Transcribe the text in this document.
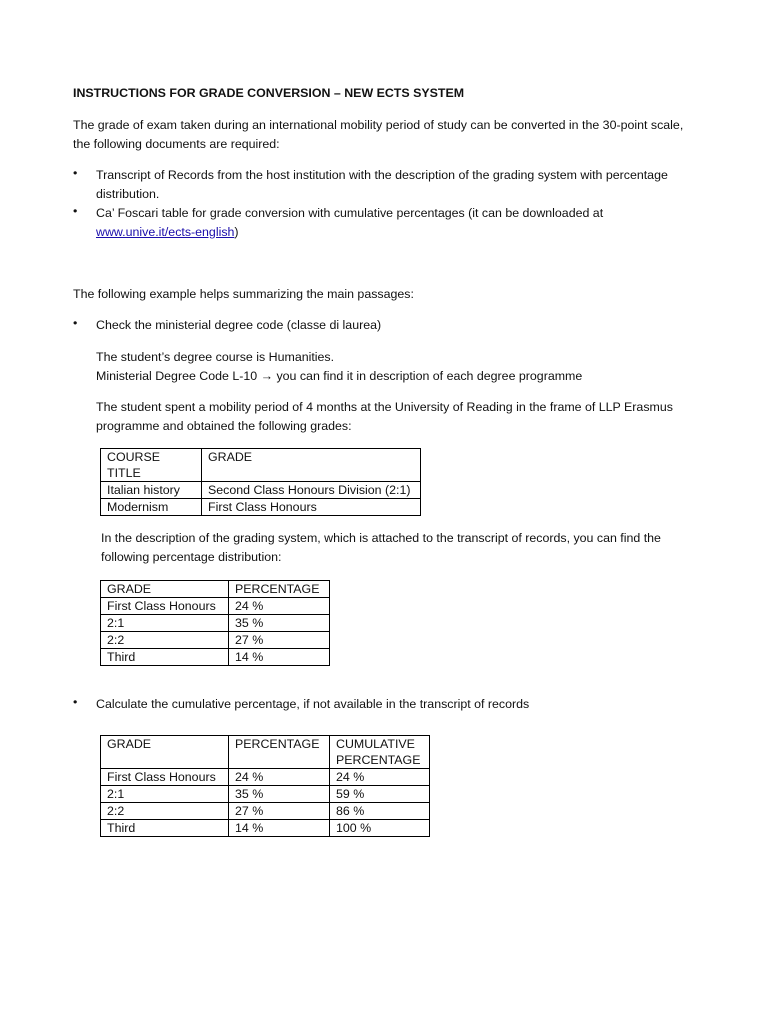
INSTRUCTIONS FOR GRADE CONVERSION – NEW ECTS SYSTEM

The grade of exam taken during an international mobility period of study can be converted in the 30-point scale, the following documents are required:

• Transcript of Records from the host institution with the description of the grading system with percentage distribution.
• Ca’ Foscari table for grade conversion with cumulative percentages (it can be downloaded at www.unive.it/ects-english)
The following example helps summarizing the main passages:
• Check the ministerial degree code (classe di laurea)
The student’s degree course is Humanities.
Ministerial Degree Code L-10 → you can find it in description of each degree programme
The student spent a mobility period of 4 months at the University of Reading in the frame of LLP Erasmus programme and obtained the following grades:
COURSE TITLE	GRADE
Italian history	Second Class Honours Division (2:1)
Modernism	First Class Honours
In the description of the grading system, which is attached to the transcript of records, you can find the following percentage distribution:
GRADE	PERCENTAGE
First Class Honours	24 %
2:1	35 %
2:2	27 %
Third	14 %
• Calculate the cumulative percentage, if not available in the transcript of records
GRADE	PERCENTAGE	CUMULATIVE PERCENTAGE
First Class Honours	24 %	24 %
2:1	35 %	59 %
2:2	27 %	86 %
Third	14 %	100 %
